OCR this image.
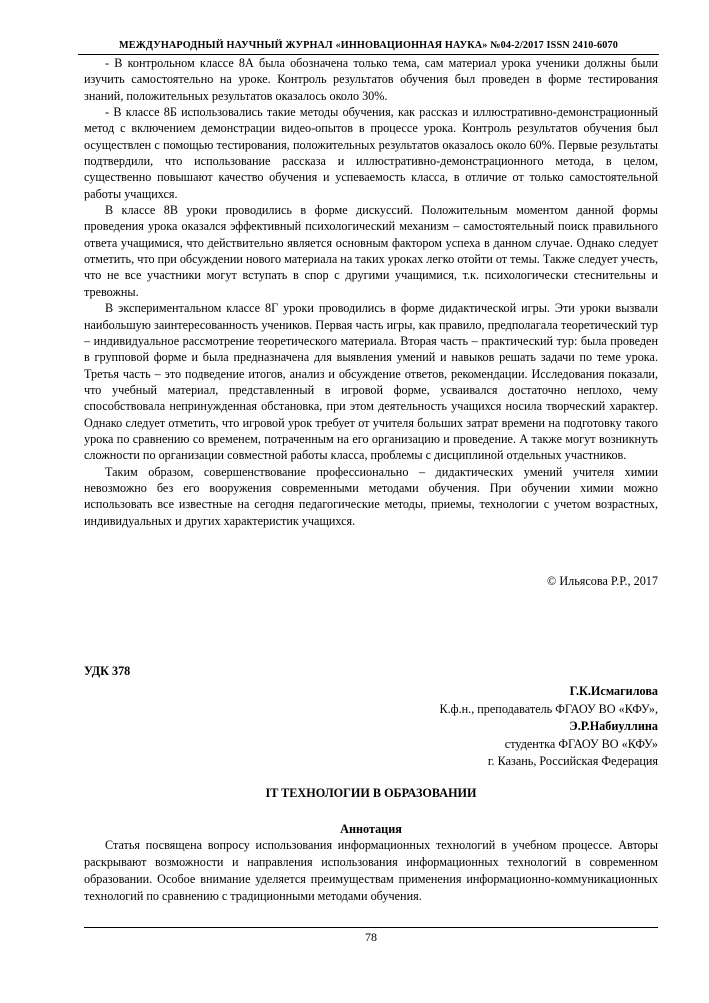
МЕЖДУНАРОДНЫЙ НАУЧНЫЙ ЖУРНАЛ «ИННОВАЦИОННАЯ НАУКА» №04-2/2017 ISSN 2410-6070

- В контрольном классе 8А была обозначена только тема, сам материал урока ученики должны были изучить самостоятельно на уроке. Контроль результатов обучения был проведен в форме тестирования знаний, положительных результатов оказалось около 30%.

- В классе 8Б использовались такие методы обучения, как рассказ и иллюстративно-демонстрационный метод с включением демонстрации видео-опытов в процессе урока. Контроль результатов обучения был осуществлен с помощью тестирования, положительных результатов оказалось около 60%. Первые результаты подтвердили, что использование рассказа и иллюстративно-демонстрационного метода, в целом, существенно повышают качество обучения и успеваемость класса, в отличие от только самостоятельной работы учащихся.

В классе 8В уроки проводились в форме дискуссий. Положительным моментом данной формы проведения урока оказался эффективный психологический механизм – самостоятельный поиск правильного ответа учащимися, что действительно является основным фактором успеха в данном случае. Однако следует отметить, что при обсуждении нового материала на таких уроках легко отойти от темы. Также следует учесть, что не все участники могут вступать в спор с другими учащимися, т.к. психологически стеснительны и тревожны.

В экспериментальном классе 8Г уроки проводились в форме дидактической игры. Эти уроки вызвали наибольшую заинтересованность учеников. Первая часть игры, как правило, предполагала теоретический тур – индивидуальное рассмотрение теоретического материала. Вторая часть – практический тур: была проведен в групповой форме и была предназначена для выявления умений и навыков решать задачи по теме урока. Третья часть – это подведение итогов, анализ и обсуждение ответов, рекомендации. Исследования показали, что учебный материал, представленный в игровой форме, усваивался достаточно неплохо, чему способствовала непринужденная обстановка, при этом деятельность учащихся носила творческий характер. Однако следует отметить, что игровой урок требует от учителя больших затрат времени на подготовку такого урока по сравнению со временем, потраченным на его организацию и проведение. А также могут возникнуть сложности по организации совместной работы класса, проблемы с дисциплиной отдельных участников.

Таким образом, совершенствование профессионально – дидактических умений учителя химии невозможно без его вооружения современными методами обучения. При обучении химии можно использовать все известные на сегодня педагогические методы, приемы, технологии с учетом возрастных, индивидуальных и других характеристик учащихся.

© Ильясова Р.Р., 2017
УДК 378
Г.К.Исмагилова
К.ф.н., преподаватель ФГАОУ ВО «КФУ»,
Э.Р.Набиуллина
студентка ФГАОУ ВО «КФУ»
г. Казань, Российская Федерация
IT ТЕХНОЛОГИИ В ОБРАЗОВАНИИ
Аннотация

Статья посвящена вопросу использования информационных технологий в учебном процессе. Авторы раскрывают возможности и направления использования информационных технологий в современном образовании. Особое внимание уделяется преимуществам применения информационно-коммуникационных технологий по сравнению с традиционными методами обучения.

78
